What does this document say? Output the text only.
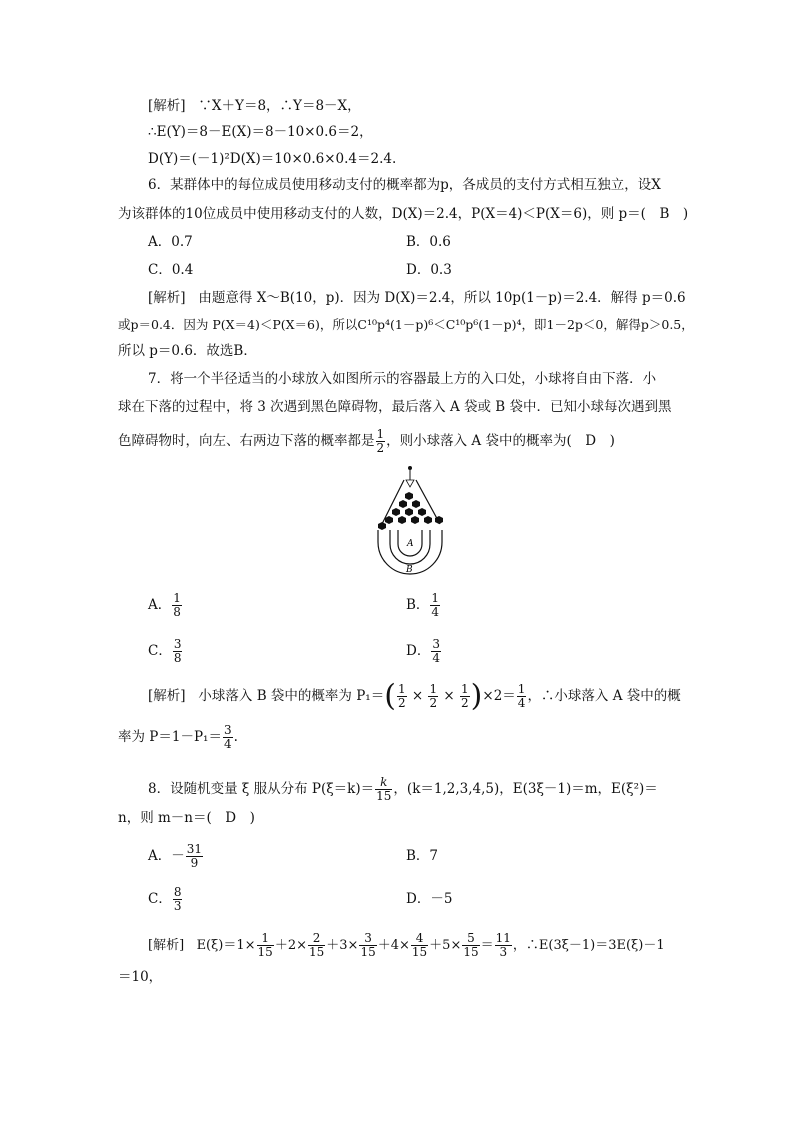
[解析] ∵X＋Y＝8，∴Y＝8－X，
∴E(Y)＝8－E(X)＝8－10×0.6＝2，
D(Y)＝(－1)²D(X)＝10×0.6×0.4＝2.4.
6．某群体中的每位成员使用移动支付的概率都为p，各成员的支付方式相互独立，设X
为该群体的10位成员中使用移动支付的人数，D(X)＝2.4，P(X＝4)＜P(X＝6)，则 p＝(　B　)
A．0.7	B．0.6
C．0.4	D．0.3
[解析] 由题意得 X～B(10，p)．因为 D(X)＝2.4，所以 10p(1－p)＝2.4．解得 p＝0.6
或p＝0.4．因为 P(X＝4)＜P(X＝6)，所以C¹⁰p⁴(1－p)⁶＜C¹⁰p⁶(1－p)⁴，即1－2p＜0，解得p＞0.5，
所以 p＝0.6．故选B．
7．将一个半径适当的小球放入如图所示的容器最上方的入口处，小球将自由下落．小
球在下落的过程中，将 3 次遇到黑色障碍物，最后落入 A 袋或 B 袋中．已知小球每次遇到黑
色障碍物时，向左、右两边下落的概率都是 $\frac{1}{2}$ ，则小球落入 A 袋中的概率为(　D　)
A
B
A． $\frac{1}{8}$	B． $\frac{1}{4}$
C． $\frac{3}{8}$	D． $\frac{3}{4}$
[解析] 小球落入 B 袋中的概率为 $P_1=( \frac{1}{2} \times \frac{1}{2} \times \frac{1}{2} )\times 2= \frac{1}{4}$ ，∴小球落入 A 袋中的概
率为 $P=1-P_1= \frac{3}{4}$ .
8．设随机变量 ξ 服从分布 $P(\xi=k)= \frac{k}{15}$ ，(k＝1,2,3,4,5)，E(3ξ－1)＝m，E(ξ²)＝
n，则 m－n＝(　D　)
A．－ $\frac{31}{9}$	B．7
C． $\frac{8}{3}$	D．－5
[解析] $E(\xi)=1\times \frac{1}{15} +2\times \frac{2}{15} +3\times \frac{3}{15} +4\times \frac{4}{15} +5\times \frac{5}{15} = \frac{11}{3}$ ，∴E(3ξ－1)＝3E(ξ)－1
＝10，
